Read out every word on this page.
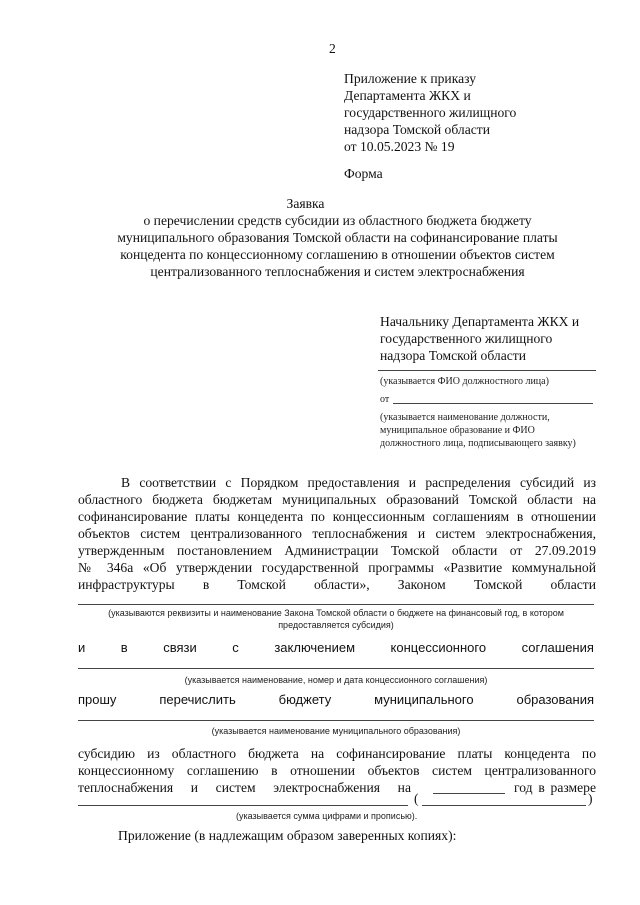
2
Приложение к приказу
Департамента ЖКХ и
государственного жилищного
надзора Томской области
от 10.05.2023 № 19
Форма
Заявка
о перечислении средств субсидии из областного бюджета бюджету
муниципального образования Томской области на софинансирование платы
концедента по концессионному соглашению в отношении объектов систем
централизованного теплоснабжения и систем электроснабжения
Начальнику Департамента ЖКХ и
государственного жилищного
надзора Томской области
(указывается ФИО должностного лица)
от
(указывается наименование должности,
муниципальное образование и ФИО
должностного лица, подписывающего заявку)
В соответствии с Порядком предоставления и распределения субсидий из
областного бюджета бюджетам муниципальных образований Томской области на
софинансирование платы концедента по концессионным соглашениям в отношении
объектов систем централизованного теплоснабжения и систем электроснабжения,
утвержденным постановлением Администрации Томской области от 27.09.2019
№ 346а «Об утверждении государственной программы «Развитие коммунальной
инфраструктуры в Томской области», Законом Томской области
(указываются реквизиты и наименование Закона Томской области о бюджете на финансовый год, в котором
предоставляется субсидия)
и	в	связи	с	заключением	концессионного	соглашения
(указывается наименование, номер и дата концессионного соглашения)
прошу	перечислить	бюджету	муниципального	образования
(указывается наименование муниципального образования)
субсидию из областного бюджета на софинансирование платы концедента по
концессионному соглашению в отношении объектов систем централизованного
теплоснабжения и систем электроснабжения на	год в размере
(	)
(указывается сумма цифрами и прописью).
Приложение (в надлежащим образом заверенных копиях):
